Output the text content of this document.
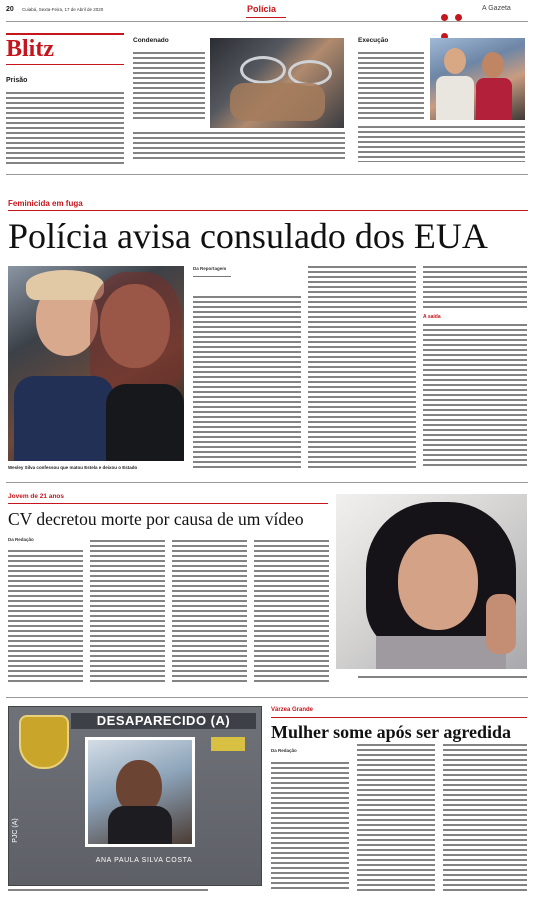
20 Cuiabá, Sexta-Feira, 17 de Abril de 2020	Polícia
	A Gazeta
Blitz
Prisão
Condenado	Execução
Feminicida em fuga
Polícia avisa consulado dos EUA
Wesley Silva confessou que matou Estela e deixou o Estado
Da Reportagem
A saída
Jovem de 21 anos
CV decretou morte por causa de um vídeo
Da Redação
DESAPARECIDO (A)
ANA PAULA SILVA COSTA
PJC (A)
Várzea Grande
Mulher some após ser agredida
Da Redação
